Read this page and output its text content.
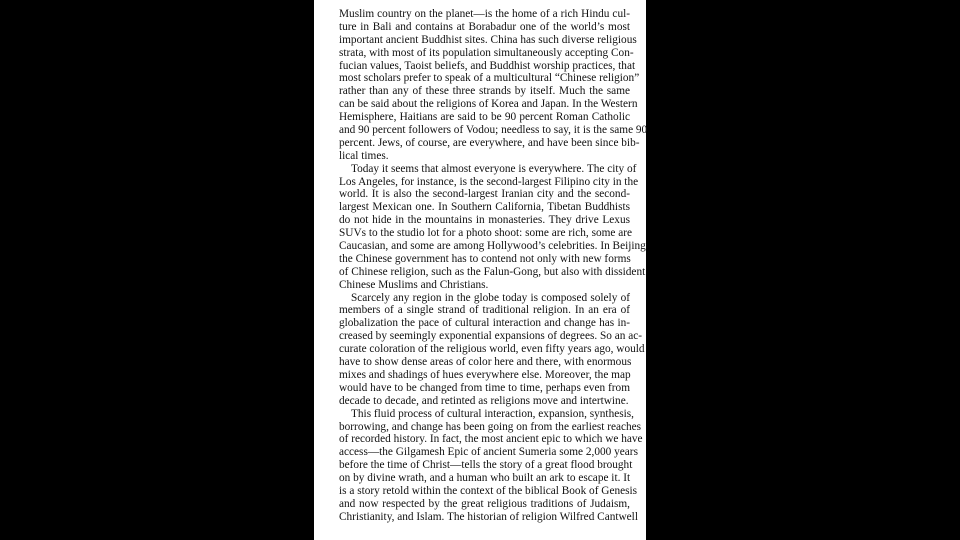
Muslim country on the planet—is the home of a rich Hindu cul-
ture in Bali and contains at Borabadur one of the world’s most
important ancient Buddhist sites. China has such diverse religious
strata, with most of its population simultaneously accepting Con-
fucian values, Taoist beliefs, and Buddhist worship practices, that
most scholars prefer to speak of a multicultural “Chinese religion”
rather than any of these three strands by itself. Much the same
can be said about the religions of Korea and Japan. In the Western
Hemisphere, Haitians are said to be 90 percent Roman Catholic
and 90 percent followers of Vodou; needless to say, it is the same 90
percent. Jews, of course, are everywhere, and have been since bib-
lical times.

Today it seems that almost everyone is everywhere. The city of
Los Angeles, for instance, is the second-largest Filipino city in the
world. It is also the second-largest Iranian city and the second-
largest Mexican one. In Southern California, Tibetan Buddhists
do not hide in the mountains in monasteries. They drive Lexus
SUVs to the studio lot for a photo shoot: some are rich, some are
Caucasian, and some are among Hollywood’s celebrities. In Beijing
the Chinese government has to contend not only with new forms
of Chinese religion, such as the Falun-Gong, but also with dissident
Chinese Muslims and Christians.

Scarcely any region in the globe today is composed solely of
members of a single strand of traditional religion. In an era of
globalization the pace of cultural interaction and change has in-
creased by seemingly exponential expansions of degrees. So an ac-
curate coloration of the religious world, even fifty years ago, would
have to show dense areas of color here and there, with enormous
mixes and shadings of hues everywhere else. Moreover, the map
would have to be changed from time to time, perhaps even from
decade to decade, and retinted as religions move and intertwine.

This fluid process of cultural interaction, expansion, synthesis,
borrowing, and change has been going on from the earliest reaches
of recorded history. In fact, the most ancient epic to which we have
access—the Gilgamesh Epic of ancient Sumeria some 2,000 years
before the time of Christ—tells the story of a great flood brought
on by divine wrath, and a human who built an ark to escape it. It
is a story retold within the context of the biblical Book of Genesis
and now respected by the great religious traditions of Judaism,
Christianity, and Islam. The historian of religion Wilfred Cantwell
